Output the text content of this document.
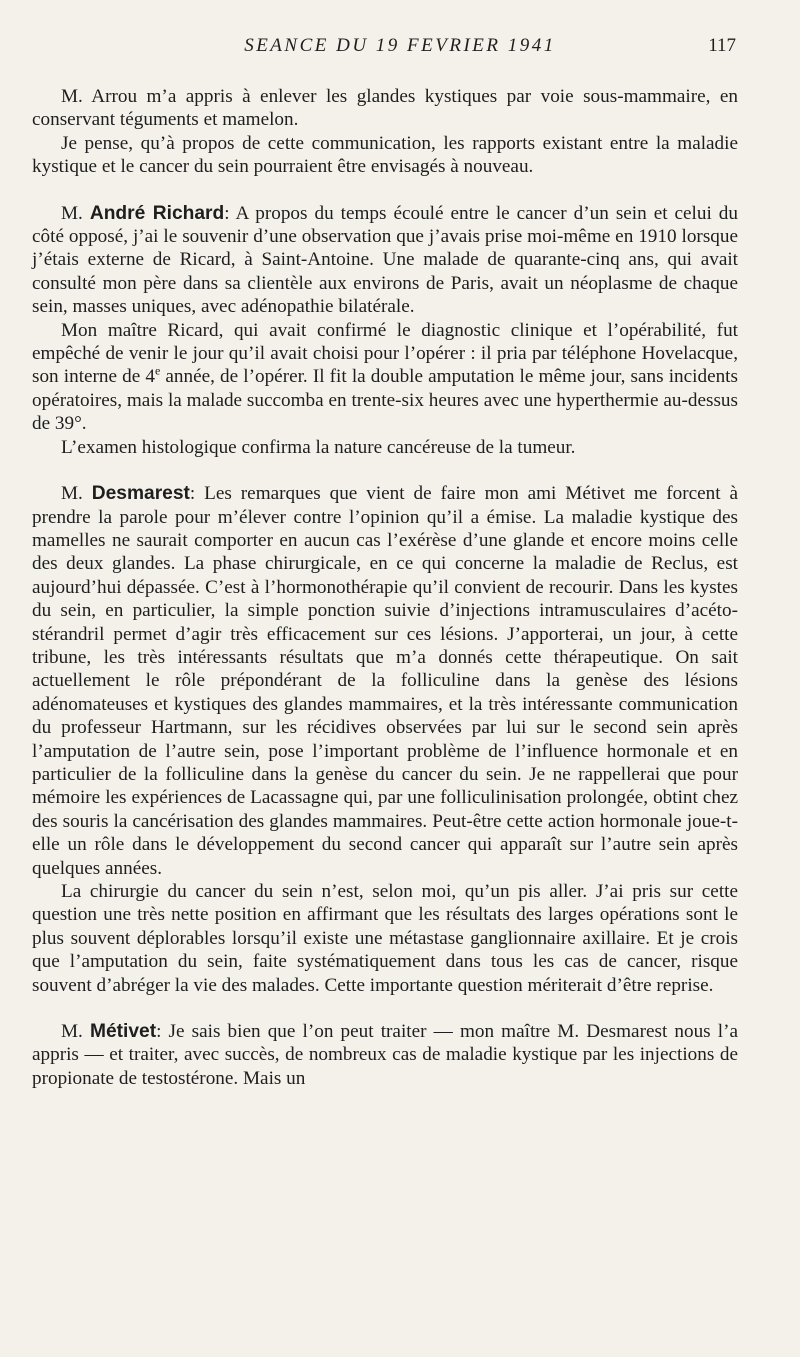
SEANCE DU 19 FEVRIER 1941	117

M. Arrou m’a appris à enlever les glandes kystiques par voie sous-mammaire, en conservant téguments et mamelon.

Je pense, qu’à propos de cette communication, les rapports existant entre la maladie kystique et le cancer du sein pourraient être envisagés à nouveau.

M. André Richard: A propos du temps écoulé entre le cancer d’un sein et celui du côté opposé, j’ai le souvenir d’une observation que j’avais prise moi-même en 1910 lorsque j’étais externe de Ricard, à Saint-Antoine. Une malade de quarante-cinq ans, qui avait consulté mon père dans sa clientèle aux environs de Paris, avait un néoplasme de chaque sein, masses uniques, avec adénopathie bilatérale.

Mon maître Ricard, qui avait confirmé le diagnostic clinique et l’opérabilité, fut empêché de venir le jour qu’il avait choisi pour l’opérer : il pria par téléphone Hovelacque, son interne de 4e année, de l’opérer. Il fit la double amputation le même jour, sans incidents opératoires, mais la malade succomba en trente-six heures avec une hyperthermie au-dessus de 39°.

L’examen histologique confirma la nature cancéreuse de la tumeur.

M. Desmarest: Les remarques que vient de faire mon ami Métivet me forcent à prendre la parole pour m’élever contre l’opinion qu’il a émise. La maladie kystique des mamelles ne saurait comporter en aucun cas l’exérèse d’une glande et encore moins celle des deux glandes. La phase chirurgicale, en ce qui concerne la maladie de Reclus, est aujourd’hui dépassée. C’est à l’hormonothérapie qu’il convient de recourir. Dans les kystes du sein, en particulier, la simple ponction suivie d’injections intramusculaires d’acéto-stérandril permet d’agir très efficacement sur ces lésions. J’apporterai, un jour, à cette tribune, les très intéressants résultats que m’a donnés cette thérapeutique. On sait actuellement le rôle prépondérant de la folliculine dans la genèse des lésions adénomateuses et kystiques des glandes mammaires, et la très intéressante communication du professeur Hartmann, sur les récidives observées par lui sur le second sein après l’amputation de l’autre sein, pose l’important problème de l’influence hormonale et en particulier de la folliculine dans la genèse du cancer du sein. Je ne rappellerai que pour mémoire les expériences de Lacassagne qui, par une folliculinisation prolongée, obtint chez des souris la cancérisation des glandes mammaires. Peut-être cette action hormonale joue-t-elle un rôle dans le développement du second cancer qui apparaît sur l’autre sein après quelques années.

La chirurgie du cancer du sein n’est, selon moi, qu’un pis aller. J’ai pris sur cette question une très nette position en affirmant que les résultats des larges opérations sont le plus souvent déplorables lorsqu’il existe une métastase ganglionnaire axillaire. Et je crois que l’amputation du sein, faite systématiquement dans tous les cas de cancer, risque souvent d’abréger la vie des malades. Cette importante question mériterait d’être reprise.

M. Métivet: Je sais bien que l’on peut traiter — mon maître M. Desmarest nous l’a appris — et traiter, avec succès, de nombreux cas de maladie kystique par les injections de propionate de testostérone. Mais un
